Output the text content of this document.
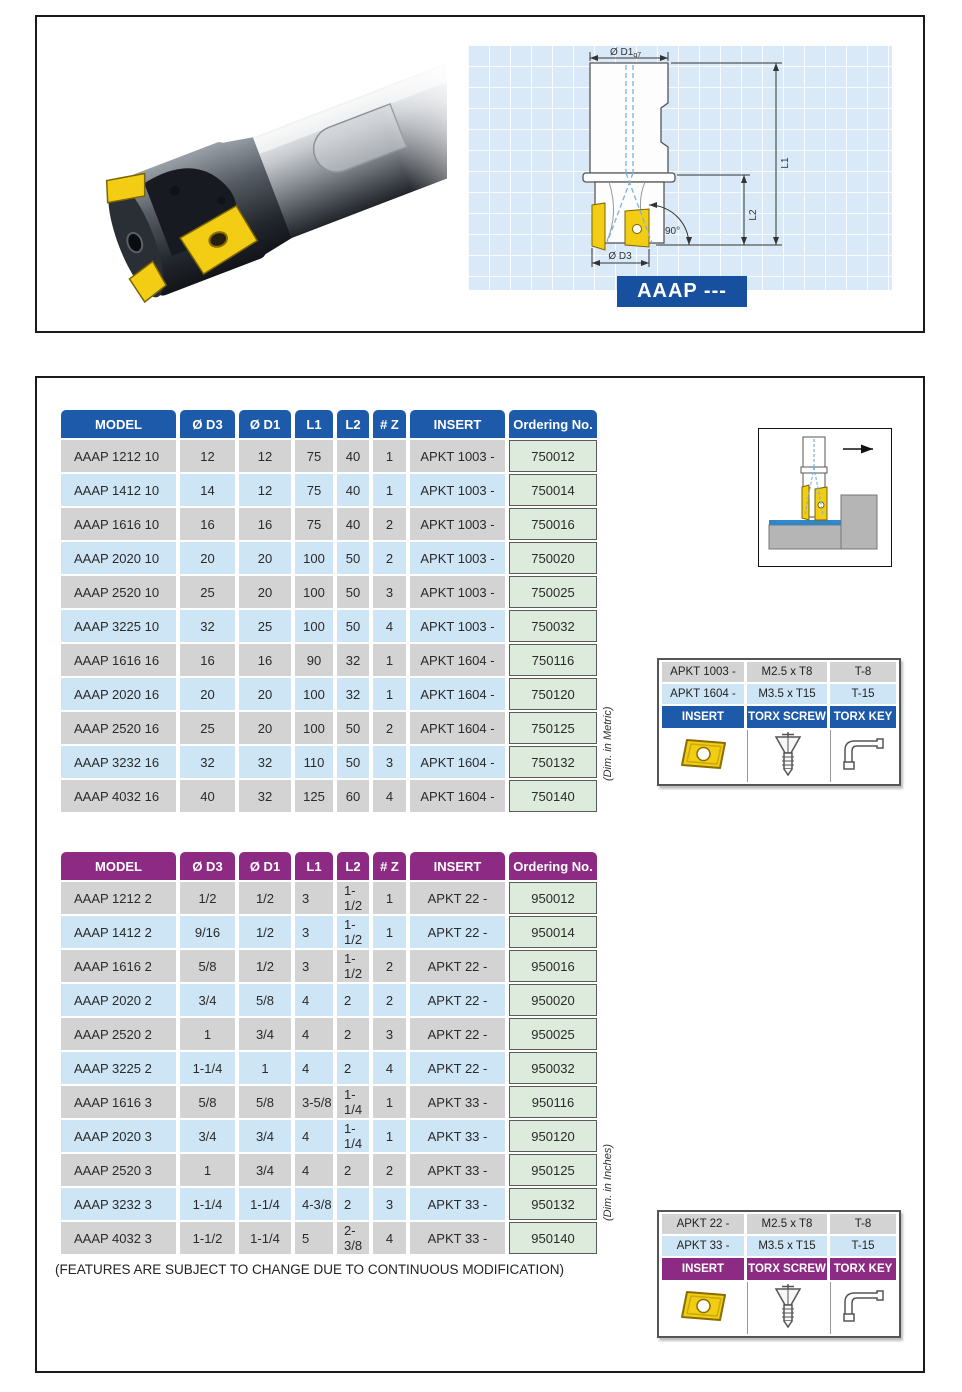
Ø $D1_{g7}$
L1
L2
90°
Ø D3
AAAP ---
MODEL	Ø D3	Ø D1	L1	L2	# Z	INSERT	Ordering No.
AAAP 1212 10	12	12	75	40	1	APKT 1003 -	750012
AAAP 1412 10	14	12	75	40	1	APKT 1003 -	750014
AAAP 1616 10	16	16	75	40	2	APKT 1003 -	750016
AAAP 2020 10	20	20	100	50	2	APKT 1003 -	750020
AAAP 2520 10	25	20	100	50	3	APKT 1003 -	750025
AAAP 3225 10	32	25	100	50	4	APKT 1003 -	750032
AAAP 1616 16	16	16	90	32	1	APKT 1604 -	750116
AAAP 2020 16	20	20	100	32	1	APKT 1604 -	750120
AAAP 2520 16	25	20	100	50	2	APKT 1604 -	750125
AAAP 3232 16	32	32	110	50	3	APKT 1604 -	750132
AAAP 4032 16	40	32	125	60	4	APKT 1604 -	750140
(Dim. in Metric)
APKT 1003 -	M2.5 x T8	T-8
APKT 1604 -	M3.5 x T15	T-15
INSERT	TORX SCREW	TORX KEY

MODEL	Ø D3	Ø D1	L1	L2	# Z	INSERT	Ordering No.
AAAP 1212 2	1/2	1/2	3	1-1/2	1	APKT 22 -	950012
AAAP 1412 2	9/16	1/2	3	1-1/2	1	APKT 22 -	950014
AAAP 1616 2	5/8	1/2	3	1-1/2	2	APKT 22 -	950016
AAAP 2020 2	3/4	5/8	4	2	2	APKT 22 -	950020
AAAP 2520 2	1	3/4	4	2	3	APKT 22 -	950025
AAAP 3225 2	1-1/4	1	4	2	4	APKT 22 -	950032
AAAP 1616 3	5/8	5/8	3-5/8	1-1/4	1	APKT 33 -	950116
AAAP 2020 3	3/4	3/4	4	1-1/4	1	APKT 33 -	950120
AAAP 2520 3	1	3/4	4	2	2	APKT 33 -	950125
AAAP 3232 3	1-1/4	1-1/4	4-3/8	2	3	APKT 33 -	950132
AAAP 4032 3	1-1/2	1-1/4	5	2-3/8	4	APKT 33 -	950140
(Dim. in Inches)
(FEATURES ARE SUBJECT TO CHANGE DUE TO CONTINUOUS MODIFICATION)
APKT 22 -	M2.5 x T8	T-8
APKT 33 -	M3.5 x T15	T-15
INSERT	TORX SCREW	TORX KEY
